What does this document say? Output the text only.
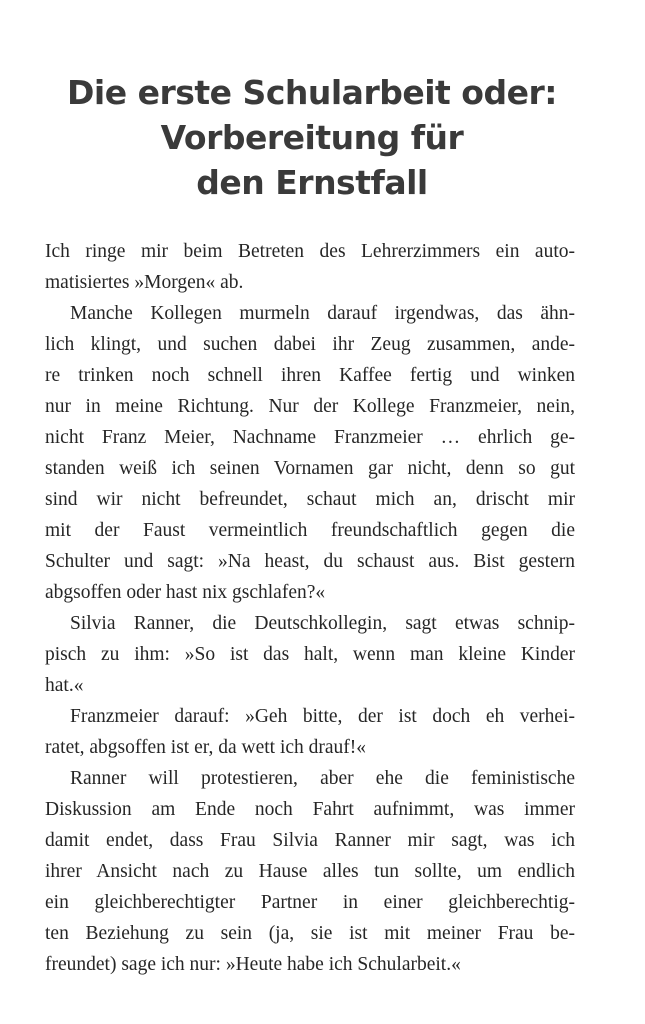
Die erste Schularbeit oder:
Vorbereitung für
den Ernstfall
Ich ringe mir beim Betreten des Lehrerzimmers ein auto-
matisiertes »Morgen« ab.
Manche Kollegen murmeln darauf irgendwas, das ähn-
lich klingt, und suchen dabei ihr Zeug zusammen, ande-
re trinken noch schnell ihren Kaffee fertig und winken
nur in meine Richtung. Nur der Kollege Franzmeier, nein,
nicht Franz Meier, Nachname Franzmeier … ehrlich ge-
standen weiß ich seinen Vornamen gar nicht, denn so gut
sind wir nicht befreundet, schaut mich an, drischt mir
mit der Faust vermeintlich freundschaftlich gegen die
Schulter und sagt: »Na heast, du schaust aus. Bist gestern
abgsoffen oder hast nix gschlafen?«
Silvia Ranner, die Deutschkollegin, sagt etwas schnip-
pisch zu ihm: »So ist das halt, wenn man kleine Kinder
hat.«
Franzmeier darauf: »Geh bitte, der ist doch eh verhei-
ratet, abgsoffen ist er, da wett ich drauf!«
Ranner will protestieren, aber ehe die feministische
Diskussion am Ende noch Fahrt aufnimmt, was immer
damit endet, dass Frau Silvia Ranner mir sagt, was ich
ihrer Ansicht nach zu Hause alles tun sollte, um endlich
ein gleichberechtigter Partner in einer gleichberechtig-
ten Beziehung zu sein (ja, sie ist mit meiner Frau be-
freundet) sage ich nur: »Heute habe ich Schularbeit.«
